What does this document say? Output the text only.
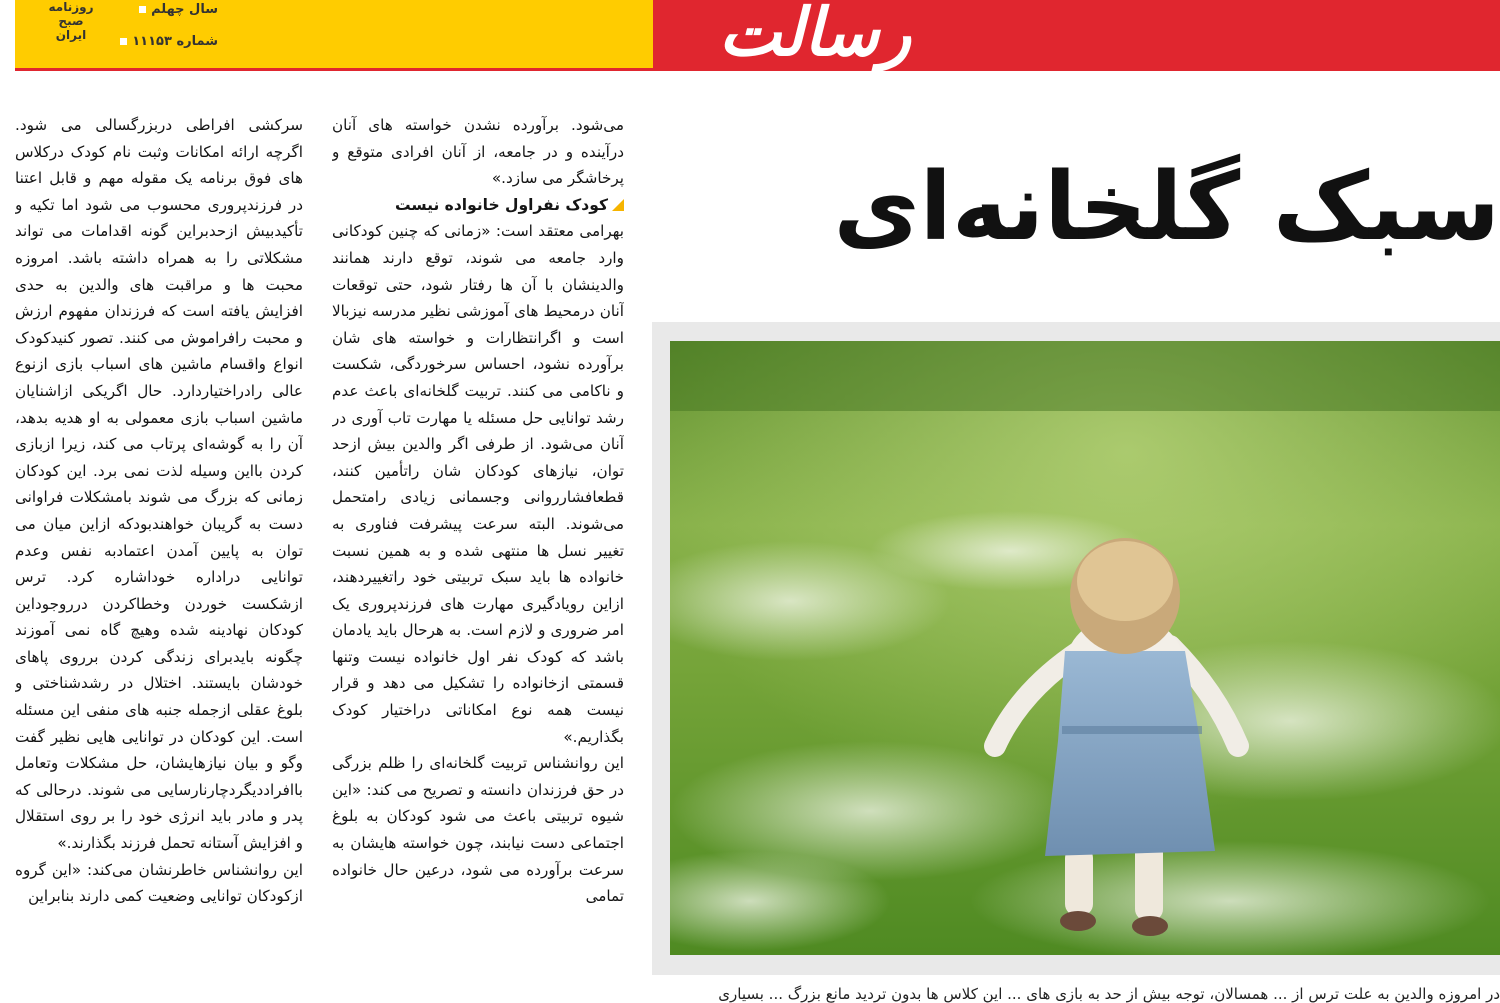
روزنامه
صبح
ایران
سال چهلم
شماره ۱۱۱۵۳	رسالت
سبک گلخانه‌ای

می‌شود. برآورده نشدن خواسته های آنان درآینده و در جامعه، از آنان افرادی متوقع و پرخاشگر می سازد.»

کودک نفراول خانواده نیست

بهرامی معتقد است: «زمانی که چنین کودکانی وارد جامعه می شوند، توقع دارند همانند والدینشان با آن ها رفتار شود، حتی توقعات آنان درمحیط های آموزشی نظیر مدرسه نیزبالا است و اگرانتظارات و خواسته های شان برآورده نشود، احساس سرخوردگی، شکست و ناکامی می کنند. تربیت گلخانه‌ای باعث عدم رشد توانایی حل مسئله یا مهارت تاب آوری در آنان می‌شود. از طرفی اگر والدین بیش ازحد توان، نیازهای کودکان شان راتأمین کنند، قطعافشارروانی وجسمانی زیادی رامتحمل می‌شوند. البته سرعت پیشرفت فناوری به تغییر نسل ها منتهی شده و به همین نسبت خانواده ها باید سبک تربیتی خود راتغییردهند، ازاین رویادگیری مهارت های فرزندپروری یک امر ضروری و لازم است. به هرحال باید یادمان باشد که کودک نفر اول خانواده نیست وتنها قسمتی ازخانواده را تشکیل می دهد و قرار نیست همه نوع امکاناتی دراختیار کودک بگذاریم.»

این روانشناس تربیت گلخانه‌ای را ظلم بزرگی در حق فرزندان دانسته و تصریح می کند: «این شیوه تربیتی باعث می شود کودکان به بلوغ اجتماعی دست نیابند، چون خواسته هایشان به سرعت برآورده می شود، درعین حال خانواده تمامی

سرکشی افراطی دربزرگسالی می شود. اگرچه ارائه امکانات وثبت نام کودک درکلاس های فوق برنامه یک مقوله مهم و قابل اعتنا در فرزندپروری محسوب می شود اما تکیه و تأکیدبیش ازحدبراین گونه اقدامات می تواند مشکلاتی را به همراه داشته باشد. امروزه محبت ها و مراقبت های والدین به حدی افزایش یافته است که فرزندان مفهوم ارزش و محبت رافراموش می کنند. تصور کنیدکودک انواع واقسام ماشین های اسباب بازی ازنوع عالی رادراختیاردارد. حال اگریکی ازاشنایان ماشین اسباب بازی معمولی به او هدیه بدهد، آن را به گوشه‌ای پرتاب می کند، زیرا ازبازی کردن بااین وسیله لذت نمی برد. این کودکان زمانی که بزرگ می شوند بامشکلات فراوانی دست به گریبان خواهندبودکه ازاین میان می توان به پایین آمدن اعتمادبه نفس وعدم توانایی دراداره خوداشاره کرد. ترس ازشکست خوردن وخطاکردن درروجوداین کودکان نهادینه شده وهیچ گاه نمی آموزند چگونه بایدبرای زندگی کردن برروی پاهای خودشان بایستند. اختلال در رشدشناختی و بلوغ عقلی ازجمله جنبه های منفی این مسئله است. این کودکان در توانایی هایی نظیر گفت وگو و بیان نیازهایشان، حل مشکلات وتعامل باافراددیگردچارنارسایی می شوند. درحالی که پدر و مادر باید انرژی خود را بر روی استقلال و افزایش آستانه تحمل فرزند بگذارند.»

این روانشناس خاطرنشان می‌کند: «این گروه ازکودکان توانایی وضعیت کمی دارند بنابراین

در امروزه والدین به علت ترس از ... همسالان، توجه بیش از حد به بازی های ... این کلاس ها بدون تردید مانع بزرگ ... بسیاری
